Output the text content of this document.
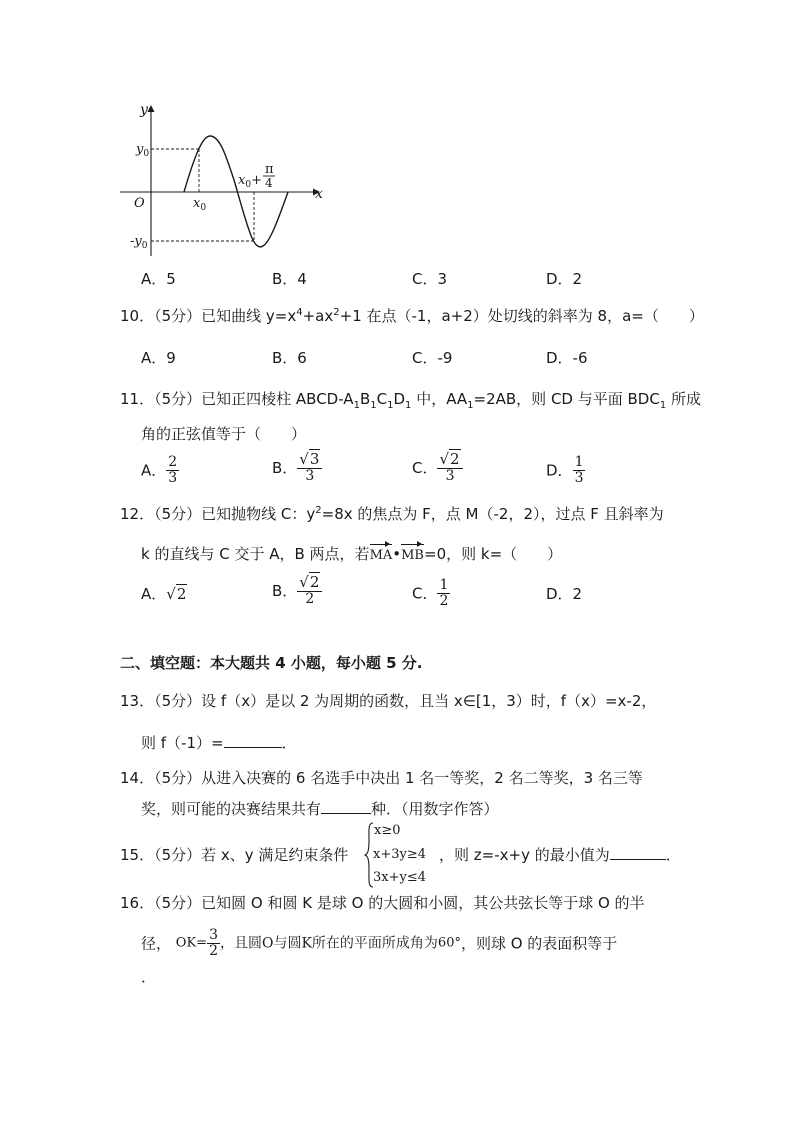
y
x
O
$y_0$
$-y_0$
$x_0$
$x_0+$
π
4
A．5	B．4	C．3	D．2
10．（5分）已知曲线 $y=x^4+ax^2+1$ 在点（-1，a+2）处切线的斜率为 8，a=（　　）
A．9	B．6	C．-9	D．-6
11．（5分）已知正四棱柱 ABCD-$A_1B_1C_1D_1$ 中，$AA_1=2AB$，则 CD 与平面 $BDC_1$ 所成
角的正弦值等于（　　）
A． $\frac{2}{3}$	B． $\frac{√3}{3}$	C． $\frac{√2}{3}$	D． $\frac{1}{3}$
12．（5分）已知抛物线 C：$y^2=8x$ 的焦点为 F，点 M（-2，2），过点 F 且斜率为
k 的直线与 C 交于 A，B 两点，若MA•MB=0，则 k=（　　）
A．√2	B． $\frac{√2}{2}$	C． $\frac{1}{2}$	D．2
二、填空题：本大题共 4 小题，每小题 5 分.
13．（5分）设 f（x）是以 2 为周期的函数，且当 x∈[1，3）时，f（x）=x-2，
则 f（-1）=	．
14．（5分）从进入决赛的 6 名选手中决出 1 名一等奖，2 名二等奖，3 名三等
奖，则可能的决赛结果共有	种．（用数字作答）
15．（5分）若 x、y 满足约束条件
x≥0
x+3y≥4
3x+y≤4
，则 z=-x+y 的最小值为	．
16．（5分）已知圆 O 和圆 K 是球 O 的大圆和小圆，其公共弦长等于球 O 的半
径， $OK= \frac{3}{2}$ ，且圆O与圆K所在的平面所成角为60°，则球 O 的表面积等于
．
